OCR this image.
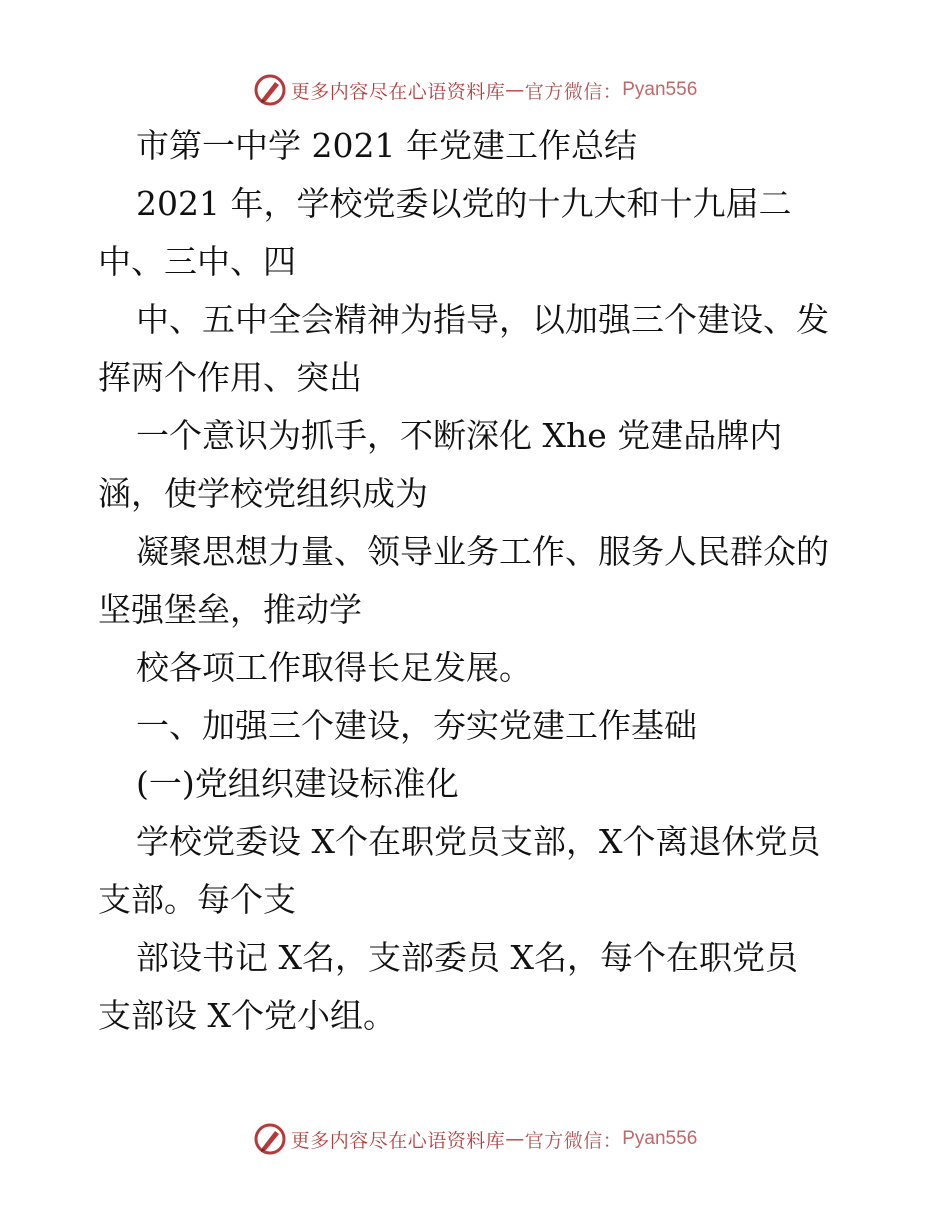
更多内容尽在心语资料库 — 官方微信： Pyan556
市第一中学 2021 年党建工作总结
2021 年，学校党委以党的十九大和十九届二
中、三中、四
中、五中全会精神为指导，以加强三个建设、发
挥两个作用、突出
一个意识为抓手，不断深化 Xhe 党建品牌内
涵，使学校党组织成为
凝聚思想力量、领导业务工作、服务人民群众的
坚强堡垒，推动学
校各项工作取得长足发展。
一、加强三个建设，夯实党建工作基础
(一)党组织建设标准化
学校党委设 X个在职党员支部，X个离退休党员
支部。每个支
部设书记 X名，支部委员 X名，每个在职党员
支部设 X个党小组。
更多内容尽在心语资料库 — 官方微信： Pyan556
